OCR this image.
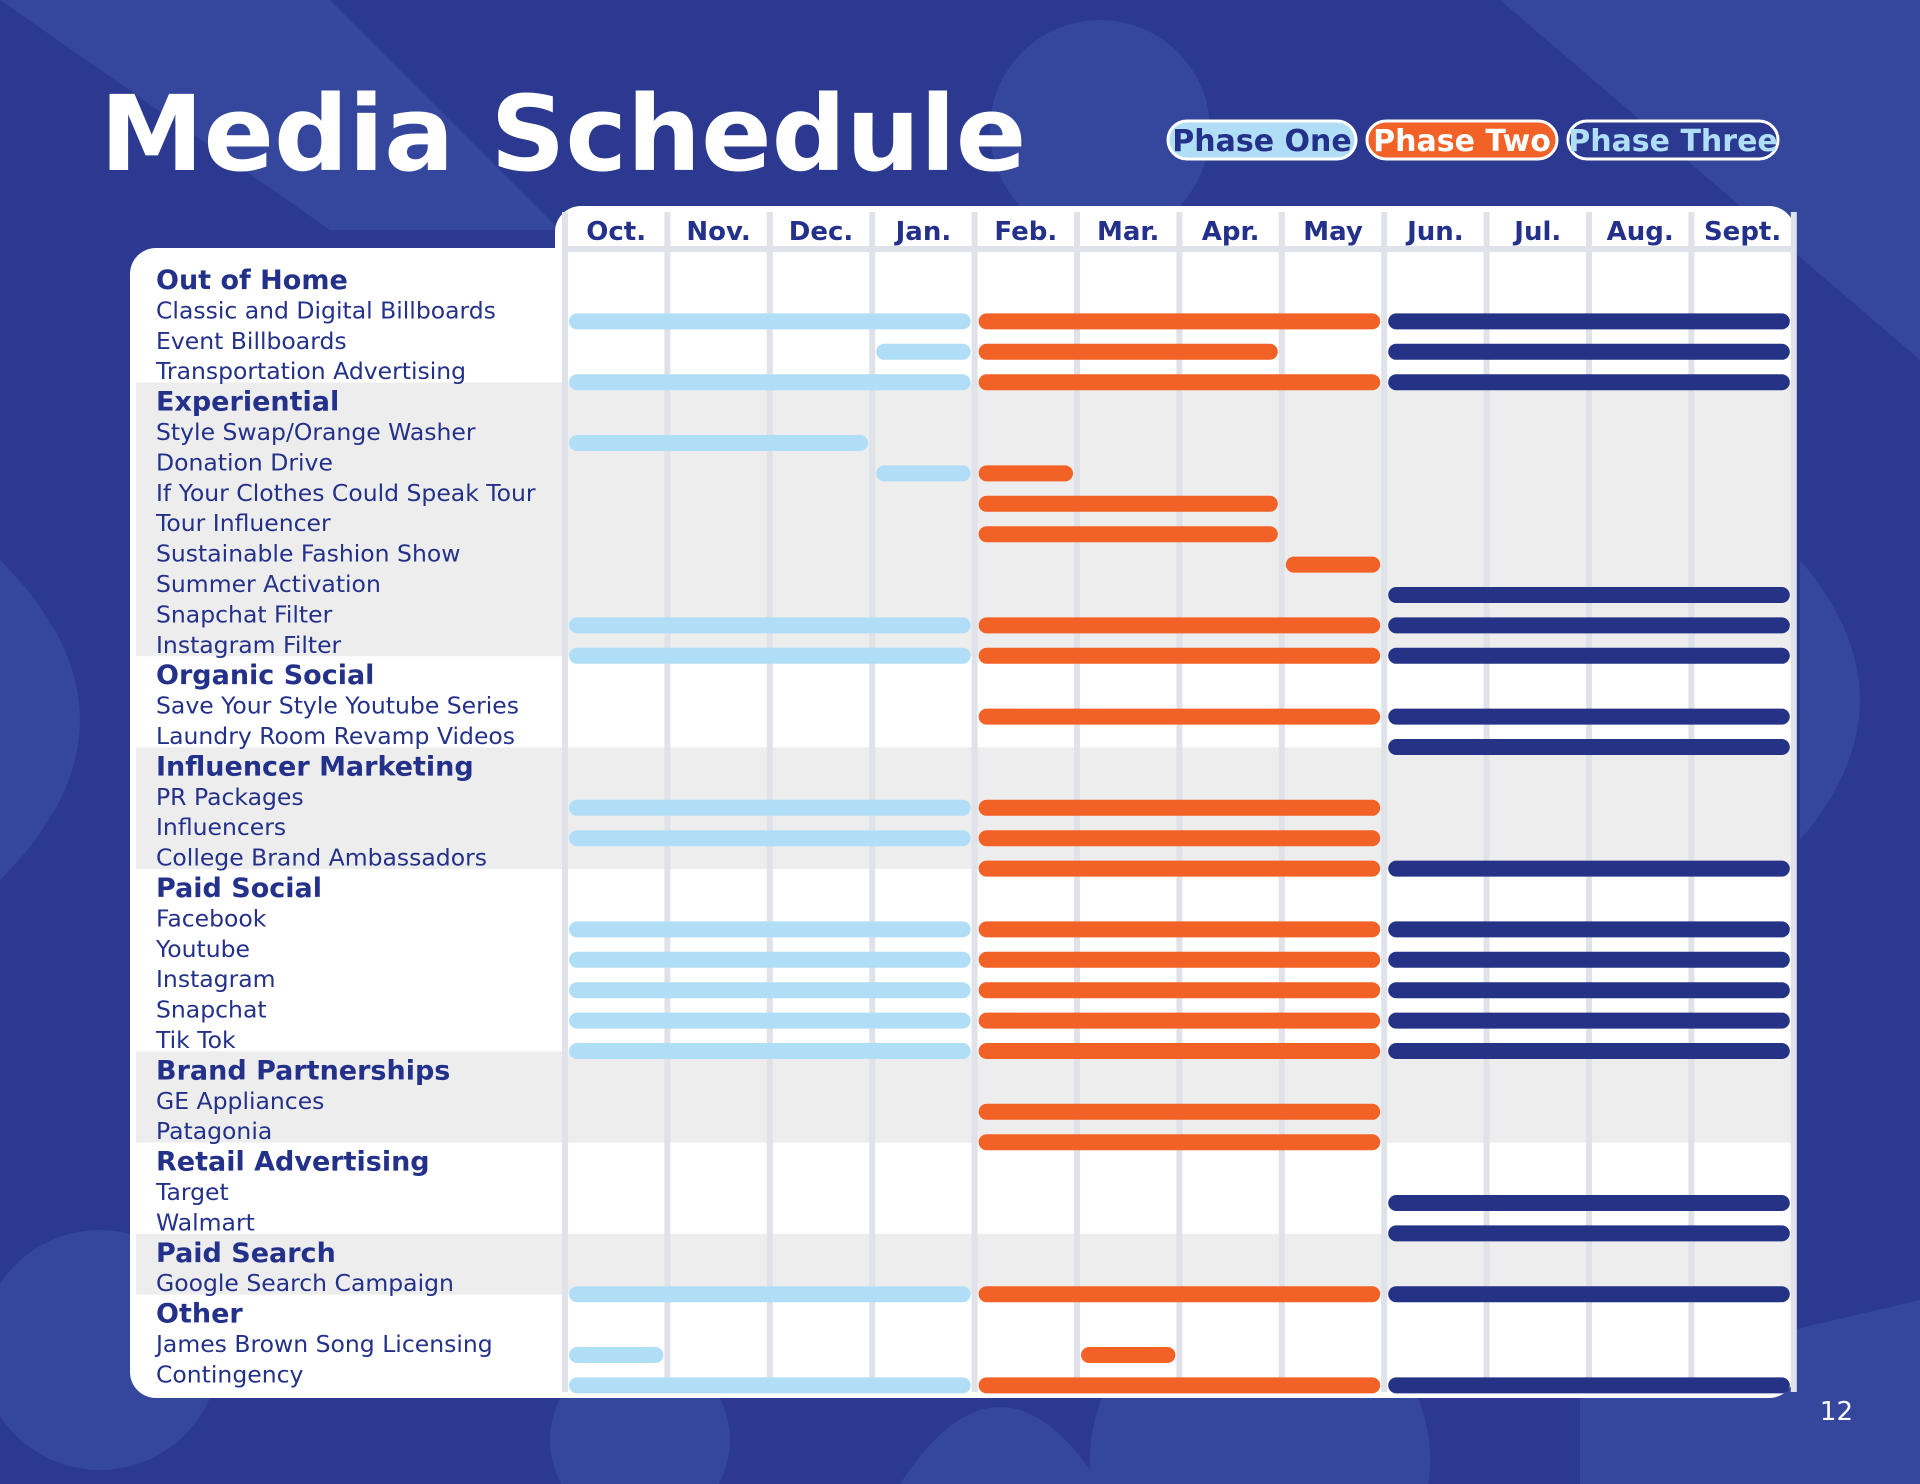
Media Schedule	Phase One Phase Two Phase Three
Oct. Nov. Dec. Jan. Feb. Mar. Apr. May Jun. Jul. Aug. Sept.
Out of Home
Classic and Digital Billboards
Event Billboards
Transportation Advertising
Experiential
Style Swap/Orange Washer
Donation Drive
If Your Clothes Could Speak Tour
Tour Influencer
Sustainable Fashion Show
Summer Activation
Snapchat Filter
Instagram Filter
Organic Social
Save Your Style Youtube Series
Laundry Room Revamp Videos
Influencer Marketing
PR Packages
Influencers
College Brand Ambassadors
Paid Social
Facebook
Youtube
Instagram
Snapchat
Tik Tok
Brand Partnerships
GE Appliances
Patagonia
Retail Advertising
Target
Walmart
Paid Search
Google Search Campaign
Other
James Brown Song Licensing
Contingency
12
